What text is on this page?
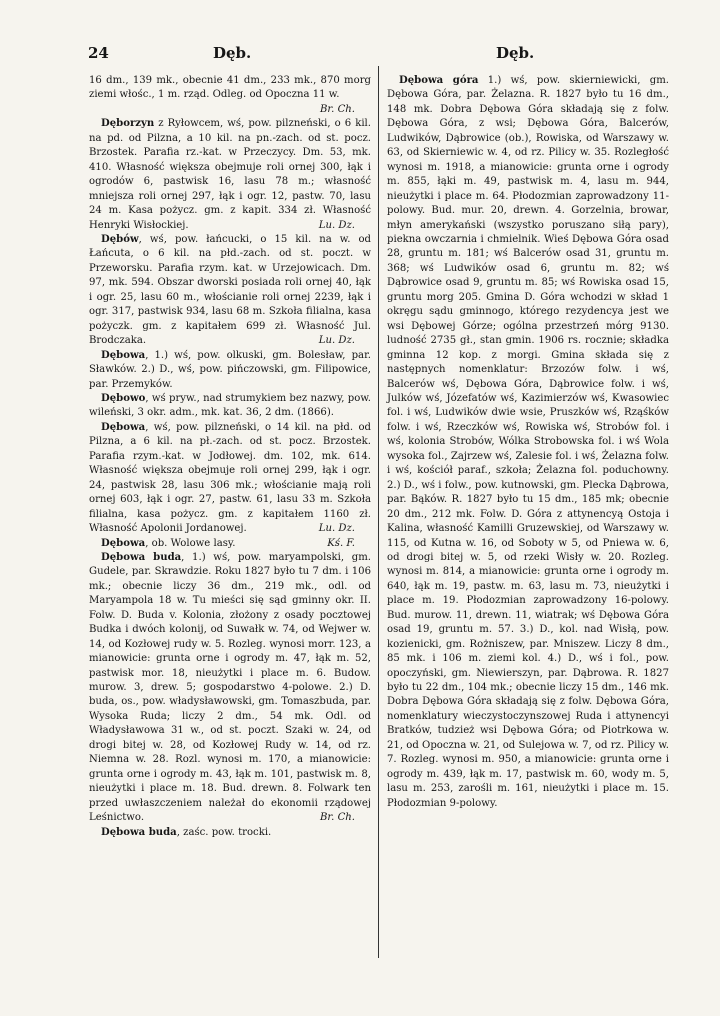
24	Dęb.	Dęb.

16 dm., 139 mk., obecnie 41 dm., 233 mk., 870 morg ziemi włośc., 1 m. rząd. Odleg. od Opoczna 11 w.
Br. Ch.

Dęborzyn z Ryłowcem, wś, pow. pilzneński, o 6 kil. na pd. od Pilzna, a 10 kil. na pn.-zach. od st. pocz. Brzostek. Parafia rz.-kat. w Przeczycy. Dm. 53, mk. 410. Własność większa obejmuje roli ornej 300, łąk i ogrodów 6, pastwisk 16, lasu 78 m.; własność mniejsza roli ornej 297, łąk i ogr. 12, pastw. 70, lasu 24 m. Kasa pożycz. gm. z kapit. 334 zł. Własność Henryki Wisłockiej.	Lu. Dz.

Dębów, wś, pow. łańcucki, o 15 kil. na w. od Łańcuta, o 6 kil. na płd.-zach. od st. poczt. w Przeworsku. Parafia rzym. kat. w Urzejowicach. Dm. 97, mk. 594. Obszar dworski posiada roli ornej 40, łąk i ogr. 25, lasu 60 m., włościanie roli ornej 2239, łąk i ogr. 317, pastwisk 934, lasu 68 m. Szkoła filialna, kasa pożyczk. gm. z kapitałem 699 zł. Własność Jul. Brodczaka.	Lu. Dz.

Dębowa, 1.) wś, pow. olkuski, gm. Bolesław, par. Sławków. 2.) D., wś, pow. pińczowski, gm. Filipowice, par. Przemyków.

Dębowo, wś pryw., nad strumykiem bez nazwy, pow. wileński, 3 okr. adm., mk. kat. 36, 2 dm. (1866).

Dębowa, wś, pow. pilzneński, o 14 kil. na płd. od Pilzna, a 6 kil. na pł.-zach. od st. pocz. Brzostek. Parafia rzym.-kat. w Jodłowej. dm. 102, mk. 614. Własność większa obejmuje roli ornej 299, łąk i ogr. 24, pastwisk 28, lasu 306 mk.; włościanie mają roli ornej 603, łąk i ogr. 27, pastw. 61, lasu 33 m. Szkoła filialna, kasa pożycz. gm. z kapitałem 1160 zł. Własność Apolonii Jordanowej.	Lu. Dz.

Dębowa, ob. Wolowe lasy.	Kś. F.

Dębowa buda, 1.) wś, pow. maryampolski, gm. Gudele, par. Skrawdzie. Roku 1827 było tu 7 dm. i 106 mk.; obecnie liczy 36 dm., 219 mk., odl. od Maryampola 18 w. Tu mieści się sąd gminny okr. II. Folw. D. Buda v. Kolonia, złożony z osady pocztowej Budka i dwóch kolonij, od Suwałk w. 74, od Wejwer w. 14, od Kozłowej rudy w. 5. Rozleg. wynosi morr. 123, a mianowicie: grunta orne i ogrody m. 47, łąk m. 52, pastwisk mor. 18, nieużytki i place m. 6. Budow. murow. 3, drew. 5; gospodarstwo 4-polowe. 2.) D. buda, os., pow. władysławowski, gm. Tomaszbuda, par. Wysoka Ruda; liczy 2 dm., 54 mk. Odl. od Władysławowa 31 w., od st. poczt. Szaki w. 24, od drogi bitej w. 28, od Kozłowej Rudy w. 14, od rz. Niemna w. 28. Rozl. wynosi m. 170, a mianowicie: grunta orne i ogrody m. 43, łąk m. 101, pastwisk m. 8, nieużytki i place m. 18. Bud. drewn. 8. Folwark ten przed uwłaszczeniem należał do ekonomii rządowej Leśnictwo.	Br. Ch.

Dębowa buda, zaśc. pow. trocki.

Dębowa góra 1.) wś, pow. skierniewicki, gm. Dębowa Góra, par. Żelazna. R. 1827 było tu 16 dm., 148 mk. Dobra Dębowa Góra składają się z folw. Dębowa Góra, z wsi; Dębowa Góra, Balcerów, Ludwików, Dąbrowice (ob.), Rowiska, od Warszawy w. 63, od Skierniewic w. 4, od rz. Pilicy w. 35. Rozległość wynosi m. 1918, a mianowicie: grunta orne i ogrody m. 855, łąki m. 49, pastwisk m. 4, lasu m. 944, nieużytki i place m. 64. Płodozmian zaprowadzony 11-polowy. Bud. mur. 20, drewn. 4. Gorzelnia, browar, młyn amerykański (wszystko poruszano siłą pary), piekna owczarnia i chmielnik. Wieś Dębowa Góra osad 28, gruntu m. 181; wś Balcerów osad 31, gruntu m. 368; wś Ludwików osad 6, gruntu m. 82; wś Dąbrowice osad 9, gruntu m. 85; wś Rowiska osad 15, gruntu morg 205. Gmina D. Góra wchodzi w skład 1 okręgu sądu gminnogo, którego rezydencya jest we wsi Dębowej Górze; ogólna przestrzeń mórg 9130. ludność 2735 gł., stan gmin. 1906 rs. rocznie; składka gminna 12 kop. z morgi. Gmina składa się z następnych nomenklatur: Brzozów folw. i wś, Balcerów wś, Dębowa Góra, Dąbrowice folw. i wś, Julków wś, Józefatów wś, Kazimierzów wś, Kwasowiec fol. i wś, Ludwików dwie wsie, Pruszków wś, Rząśków folw. i wś, Rzeczków wś, Rowiska wś, Strobów fol. i wś, kolonia Strobów, Wólka Strobowska fol. i wś Wola wysoka fol., Zajrzew wś, Zalesie fol. i wś, Żelazna folw. i wś, kościół paraf., szkoła; Żelazna fol. poduchowny. 2.) D., wś i folw., pow. kutnowski, gm. Plecka Dąbrowa, par. Bąków. R. 1827 było tu 15 dm., 185 mk; obecnie 20 dm., 212 mk. Folw. D. Góra z attynencyą Ostoja i Kalina, własność Kamilli Gruzewskiej, od Warszawy w. 115, od Kutna w. 16, od Soboty w 5, od Pniewa w. 6, od drogi bitej w. 5, od rzeki Wisły w. 20. Rozleg. wynosi m. 814, a mianowicie: grunta orne i ogrody m. 640, łąk m. 19, pastw. m. 63, lasu m. 73, nieużytki i place m. 19. Płodozmian zaprowadzony 16-polowy. Bud. murow. 11, drewn. 11, wiatrak; wś Dębowa Góra osad 19, gruntu m. 57. 3.) D., kol. nad Wisłą, pow. kozienicki, gm. Rożniszew, par. Mniszew. Liczy 8 dm., 85 mk. i 106 m. ziemi kol. 4.) D., wś i fol., pow. opoczyński, gm. Niewierszyn, par. Dąbrowa. R. 1827 było tu 22 dm., 104 mk.; obecnie liczy 15 dm., 146 mk. Dobra Dębowa Góra składają się z folw. Dębowa Góra, nomenklatury wieczystoczynszowej Ruda i attynencyi Bratków, tudzież wsi Dębowa Góra; od Piotrkowa w. 21, od Opoczna w. 21, od Sulejowa w. 7, od rz. Pilicy w. 7. Rozleg. wynosi m. 950, a mianowicie: grunta orne i ogrody m. 439, łąk m. 17, pastwisk m. 60, wody m. 5, lasu m. 253, zarośli m. 161, nieużytki i place m. 15. Płodozmian 9-polowy.
